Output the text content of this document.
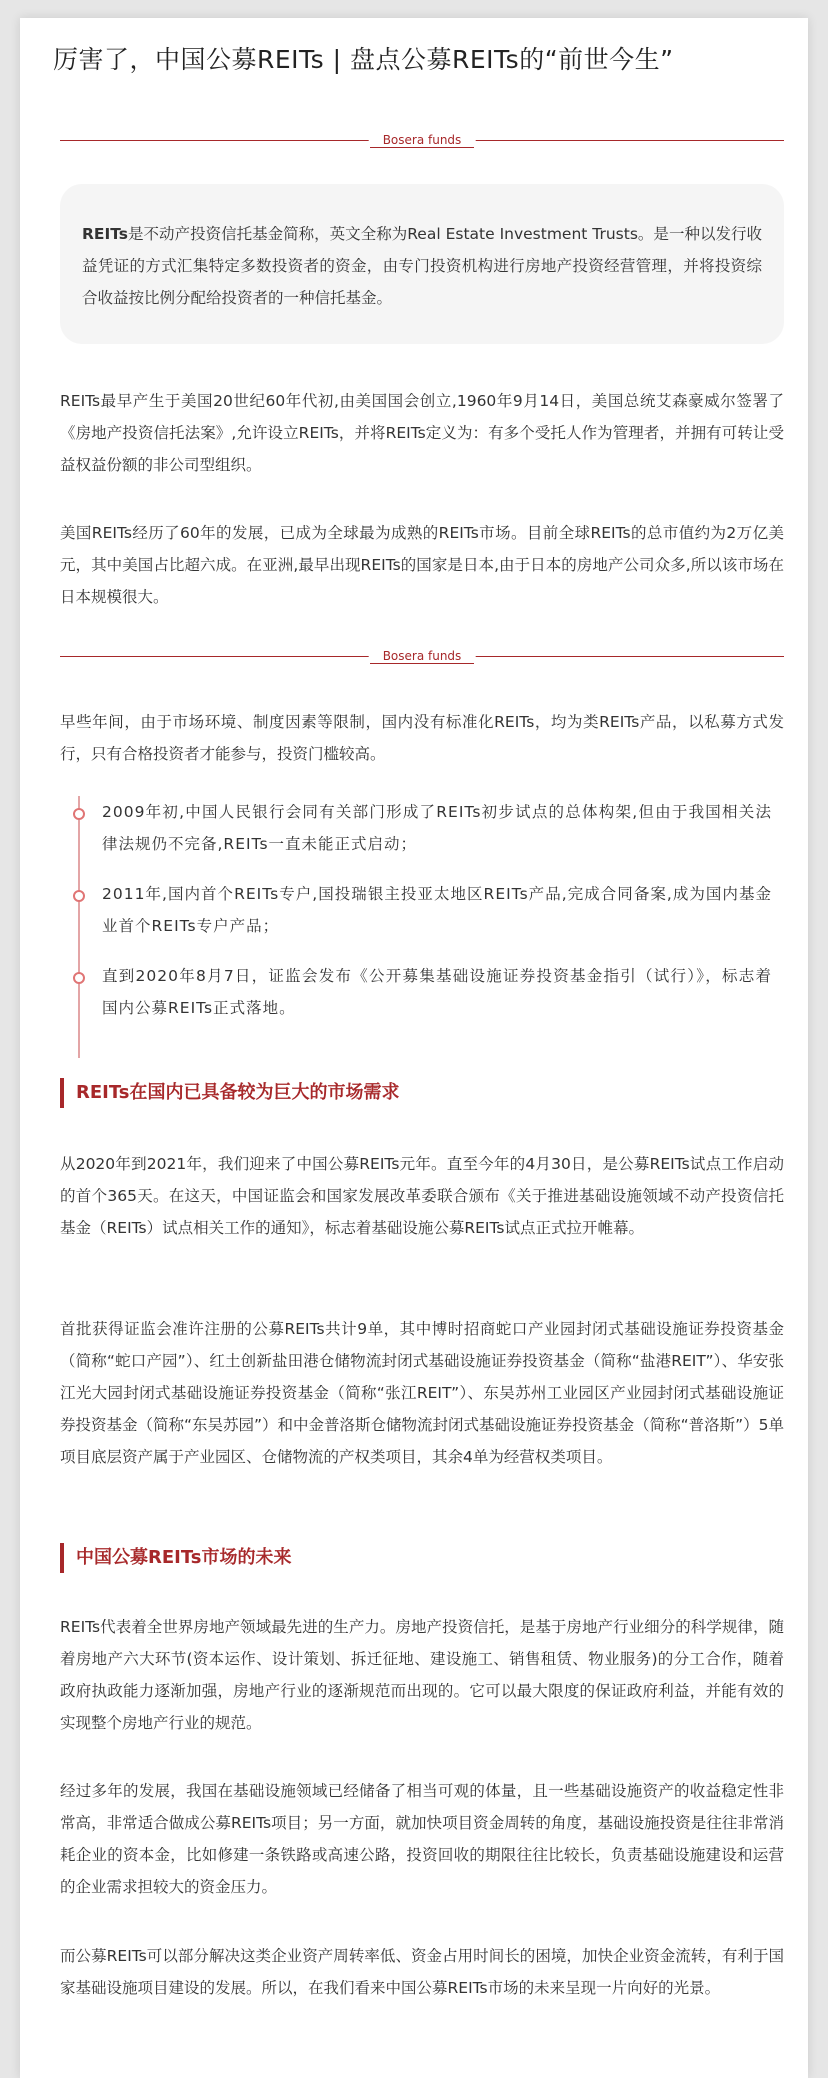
厉害了，中国公募REITs | 盘点公募REITs的“前世今生”
Bosera funds
REITs是不动产投资信托基金简称，英文全称为Real Estate Investment Trusts。是一种以发行收益凭证的方式汇集特定多数投资者的资金，由专门投资机构进行房地产投资经营管理，并将投资综合收益按比例分配给投资者的一种信托基金。
REITs最早产生于美国20世纪60年代初,由美国国会创立,1960年9月14日，美国总统艾森豪威尔签署了《房地产投资信托法案》,允许设立REITs，并将REITs定义为：有多个受托人作为管理者，并拥有可转让受益权益份额的非公司型组织。
美国REITs经历了60年的发展，已成为全球最为成熟的REITs市场。目前全球REITs的总市值约为2万亿美元，其中美国占比超六成。在亚洲,最早出现REITs的国家是日本,由于日本的房地产公司众多,所以该市场在日本规模很大。
Bosera funds
早些年间，由于市场环境、制度因素等限制，国内没有标准化REITs，均为类REITs产品，以私募方式发行，只有合格投资者才能参与，投资门槛较高。
2009年初,中国人民银行会同有关部门形成了REITs初步试点的总体构架,但由于我国相关法律法规仍不完备,REITs一直未能正式启动；
2011年,国内首个REITs专户,国投瑞银主投亚太地区REITs产品,完成合同备案,成为国内基金业首个REITs专户产品；
直到2020年8月7日，证监会发布《公开募集基础设施证券投资基金指引（试行）》，标志着国内公募REITs正式落地。
REITs在国内已具备较为巨大的市场需求
从2020年到2021年，我们迎来了中国公募REITs元年。直至今年的4月30日，是公募REITs试点工作启动的首个365天。在这天，中国证监会和国家发展改革委联合颁布《关于推进基础设施领域不动产投资信托基金（REITs）试点相关工作的通知》，标志着基础设施公募REITs试点正式拉开帷幕。
首批获得证监会准许注册的公募REITs共计9单，其中博时招商蛇口产业园封闭式基础设施证券投资基金（简称“蛇口产园”）、红土创新盐田港仓储物流封闭式基础设施证券投资基金（简称“盐港REIT”）、华安张江光大园封闭式基础设施证券投资基金（简称“张江REIT”）、东吴苏州工业园区产业园封闭式基础设施证券投资基金（简称“东吴苏园”）和中金普洛斯仓储物流封闭式基础设施证券投资基金（简称“普洛斯”）5单项目底层资产属于产业园区、仓储物流的产权类项目，其余4单为经营权类项目。
中国公募REITs市场的未来
REITs代表着全世界房地产领域最先进的生产力。房地产投资信托，是基于房地产行业细分的科学规律，随着房地产六大环节(资本运作、设计策划、拆迁征地、建设施工、销售租赁、物业服务)的分工合作，随着政府执政能力逐渐加强，房地产行业的逐渐规范而出现的。它可以最大限度的保证政府利益，并能有效的实现整个房地产行业的规范。
经过多年的发展，我国在基础设施领域已经储备了相当可观的体量，且一些基础设施资产的收益稳定性非常高，非常适合做成公募REITs项目；另一方面，就加快项目资金周转的角度，基础设施投资是往往非常消耗企业的资本金，比如修建一条铁路或高速公路，投资回收的期限往往比较长，负责基础设施建设和运营的企业需求担较大的资金压力。
而公募REITs可以部分解决这类企业资产周转率低、资金占用时间长的困境，加快企业资金流转，有利于国家基础设施项目建设的发展。所以，在我们看来中国公募REITs市场的未来呈现一片向好的光景。
